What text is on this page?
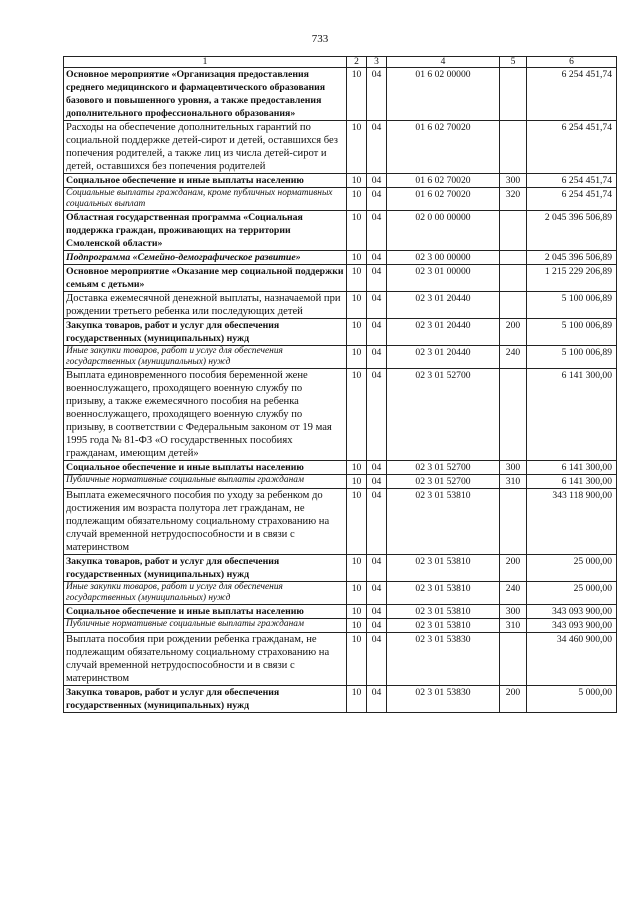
733
1	2	3	4	5	6
Основное мероприятие «Организация предоставления среднего медицинского и фармацевтического образования базового и повышенного уровня, а также предоставления дополнительного профессионального образования»	10	04	01 6 02 00000		6 254 451,74
Расходы на обеспечение дополнительных гарантий по социальной поддержке детей-сирот и детей, оставшихся без попечения родителей, а также лиц из числа детей-сирот и детей, оставшихся без попечения родителей	10	04	01 6 02 70020		6 254 451,74
Социальное обеспечение и иные выплаты населению	10	04	01 6 02 70020	300	6 254 451,74
Социальные выплаты гражданам, кроме публичных нормативных социальных выплат	10	04	01 6 02 70020	320	6 254 451,74
Областная государственная программа «Социальная поддержка граждан, проживающих на территории Смоленской области»	10	04	02 0 00 00000		2 045 396 506,89
Подпрограмма «Семейно-демографическое развитие»	10	04	02 3 00 00000		2 045 396 506,89
Основное мероприятие «Оказание мер социальной поддержки семьям с детьми»	10	04	02 3 01 00000		1 215 229 206,89
Доставка ежемесячной денежной выплаты, назначаемой при рождении третьего ребенка или последующих детей	10	04	02 3 01 20440		5 100 006,89
Закупка товаров, работ и услуг для обеспечения государственных (муниципальных) нужд	10	04	02 3 01 20440	200	5 100 006,89
Иные закупки товаров, работ и услуг для обеспечения государственных (муниципальных) нужд	10	04	02 3 01 20440	240	5 100 006,89
Выплата единовременного пособия беременной жене военнослужащего, проходящего военную службу по призыву, а также ежемесячного пособия на ребенка военнослужащего, проходящего военную службу по призыву, в соответствии с Федеральным законом от 19 мая 1995 года № 81-ФЗ «О государственных пособиях гражданам, имеющим детей»	10	04	02 3 01 52700		6 141 300,00
Социальное обеспечение и иные выплаты населению	10	04	02 3 01 52700	300	6 141 300,00
Публичные нормативные социальные выплаты гражданам	10	04	02 3 01 52700	310	6 141 300,00
Выплата ежемесячного пособия по уходу за ребенком до достижения им возраста полутора лет гражданам, не подлежащим обязательному социальному страхованию на случай временной нетрудоспособности и в связи с материнством	10	04	02 3 01 53810		343 118 900,00
Закупка товаров, работ и услуг для обеспечения государственных (муниципальных) нужд	10	04	02 3 01 53810	200	25 000,00
Иные закупки товаров, работ и услуг для обеспечения государственных (муниципальных) нужд	10	04	02 3 01 53810	240	25 000,00
Социальное обеспечение и иные выплаты населению	10	04	02 3 01 53810	300	343 093 900,00
Публичные нормативные социальные выплаты гражданам	10	04	02 3 01 53810	310	343 093 900,00
Выплата пособия при рождении ребенка гражданам, не подлежащим обязательному социальному страхованию на случай временной нетрудоспособности и в связи с материнством	10	04	02 3 01 53830		34 460 900,00
Закупка товаров, работ и услуг для обеспечения государственных (муниципальных) нужд	10	04	02 3 01 53830	200	5 000,00
